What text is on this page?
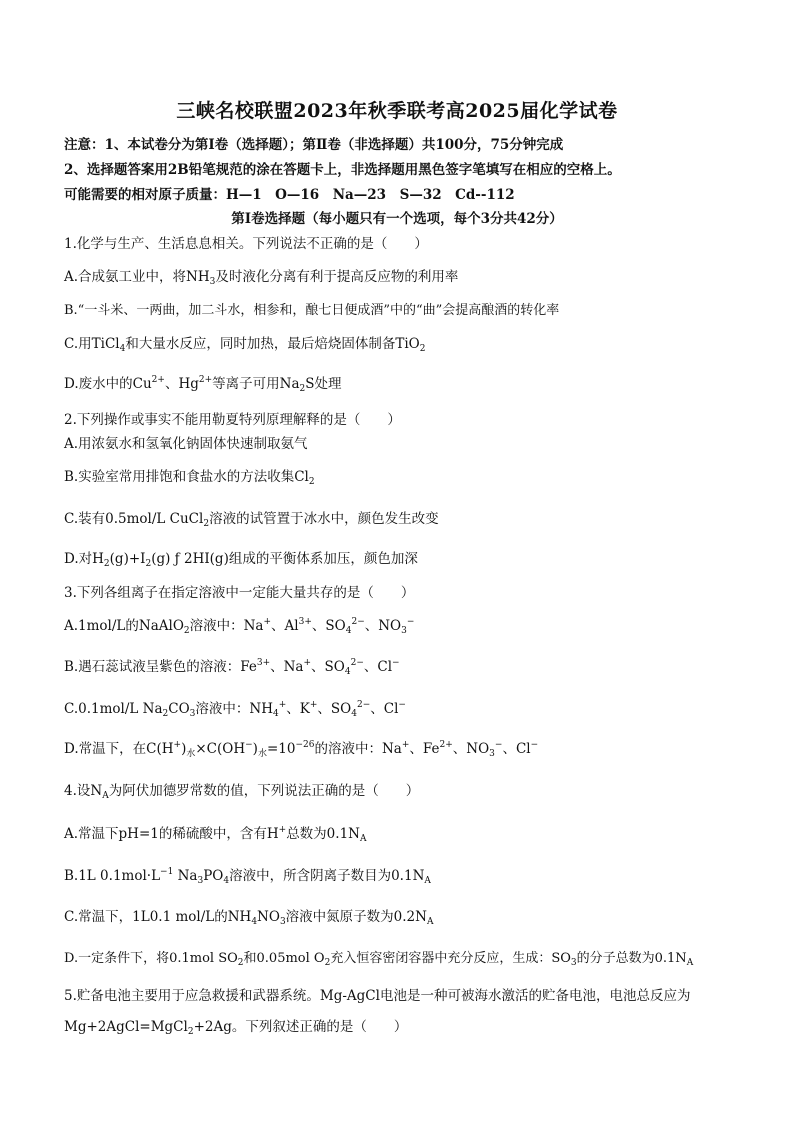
三峡名校联盟2023年秋季联考高2025届化学试卷
注意：1、本试卷分为第Ⅰ卷（选择题）；第Ⅱ卷（非选择题）共100分，75分钟完成
2、选择题答案用2B铅笔规范的涂在答题卡上，非选择题用黑色签字笔填写在相应的空格上。
可能需要的相对原子质量：H—1　O—16　Na—23　S—32　Cd--112
第Ⅰ卷选择题（每小题只有一个选项，每个3分共42分）
1.化学与生产、生活息息相关。下列说法不正确的是（　　）
A.合成氨工业中，将$NH_3$及时液化分离有利于提高反应物的利用率
B.“一斗米、一两曲，加二斗水，相参和，酿七日便成酒”中的“曲”会提高酿酒的转化率
C.用TiCl$_4$和大量水反应，同时加热，最后焙烧固体制备TiO$_2$
D.废水中的$Cu^{2+}$、$Hg^{2+}$等离子可用$Na_2S$处理
2.下列操作或事实不能用勒夏特列原理解释的是（　　）
A.用浓氨水和氢氧化钠固体快速制取氨气
B.实验室常用排饱和食盐水的方法收集$Cl_2$
C.装有0.5mol/L CuCl$_2$溶液的试管置于冰水中，颜色发生改变
D.对$H_2(g)+I_2(g)$ ƒ 2HI(g)组成的平衡体系加压，颜色加深
3.下列各组离子在指定溶液中一定能大量共存的是（　　）
A.1mol/L的NaAlO$_2$溶液中：Na+、$Al^{3+}$、$SO_4^{2-}$、$NO_3^-$
B.遇石蕊试液呈紫色的溶液：$Fe^{3+}$、Na+、$SO_4^{2-}$、Cl−
C.0.1mol/L $Na_2CO_3$溶液中：$NH_4^+$、K+、$SO_4^{2-}$、Cl−
D.常温下，在$C(H^+)_水\times C(OH^-)_水=10^{-26}$的溶液中：Na+、$Fe^{2+}$、$NO_3^-$、Cl−
4.设$N_A$为阿伏加德罗常数的值，下列说法正确的是（　　）
A.常温下pH=1的稀硫酸中，含有H+总数为$0.1N_A$
B.1L $0.1mol\cdot L^{-1}$ $Na_3PO_4$溶液中，所含阴离子数目为$0.1N_A$
C.常温下，1L0.1 mol/L的$NH_4NO_3$溶液中氮原子数为$0.2N_A$
D.一定条件下，将0.1mol $SO_2$和0.05mol $O_2$充入恒容密闭容器中充分反应，生成：$SO_3$的分子总数为$0.1N_A$
5.贮备电池主要用于应急救援和武器系统。Mg-AgCl电池是一种可被海水激活的贮备电池，电池总反应为
Mg+2AgCl=MgCl$_2$+2Ag。下列叙述正确的是（　　）
